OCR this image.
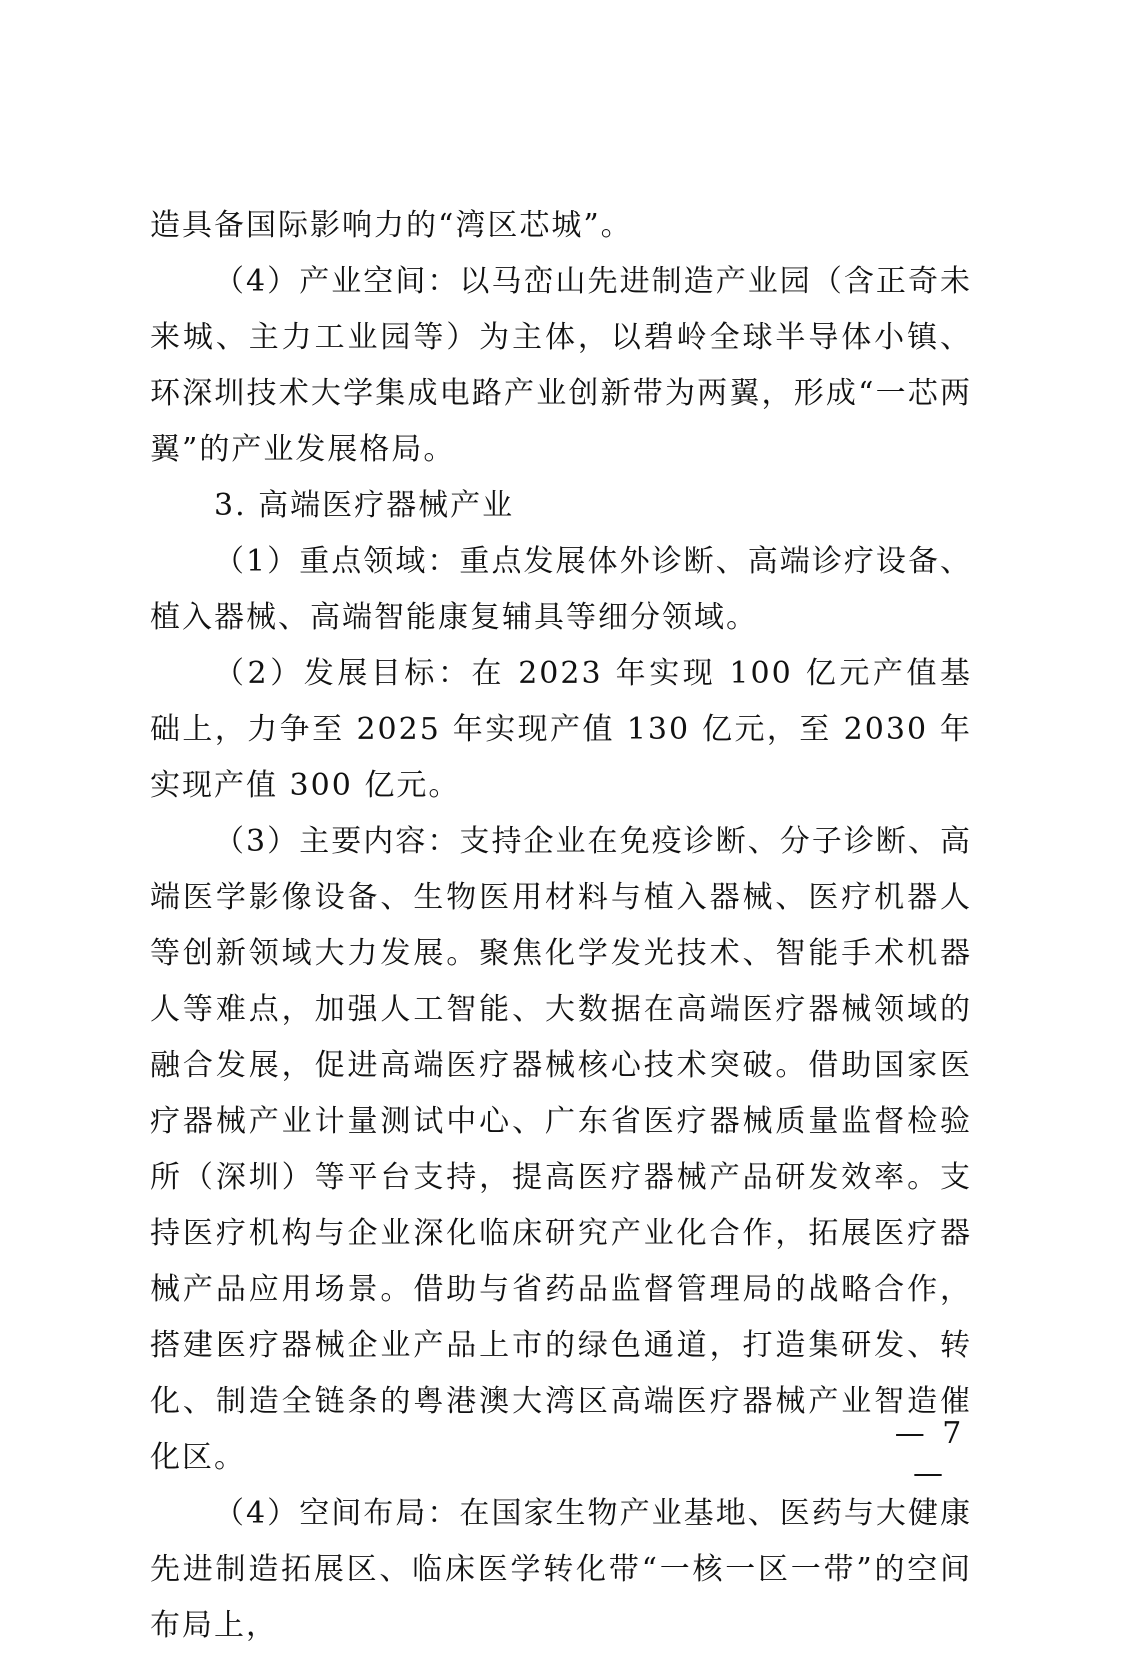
造具备国际影响力的“湾区芯城”。

（4）产业空间：以马峦山先进制造产业园（含正奇未来城、主力工业园等）为主体，以碧岭全球半导体小镇、环深圳技术大学集成电路产业创新带为两翼，形成“一芯两翼”的产业发展格局。

3. 高端医疗器械产业

（1）重点领域：重点发展体外诊断、高端诊疗设备、植入器械、高端智能康复辅具等细分领域。

（2）发展目标：在 2023 年实现 100 亿元产值基础上，力争至 2025 年实现产值 130 亿元，至 2030 年实现产值 300 亿元。

（3）主要内容：支持企业在免疫诊断、分子诊断、高端医学影像设备、生物医用材料与植入器械、医疗机器人等创新领域大力发展。聚焦化学发光技术、智能手术机器人等难点，加强人工智能、大数据在高端医疗器械领域的融合发展，促进高端医疗器械核心技术突破。借助国家医疗器械产业计量测试中心、广东省医疗器械质量监督检验所（深圳）等平台支持，提高医疗器械产品研发效率。支持医疗机构与企业深化临床研究产业化合作，拓展医疗器械产品应用场景。借助与省药品监督管理局的战略合作，搭建医疗器械企业产品上市的绿色通道，打造集研发、转化、制造全链条的粤港澳大湾区高端医疗器械产业智造催化区。

（4）空间布局：在国家生物产业基地、医药与大健康先进制造拓展区、临床医学转化带“一核一区一带”的空间布局上，

— 7 —
